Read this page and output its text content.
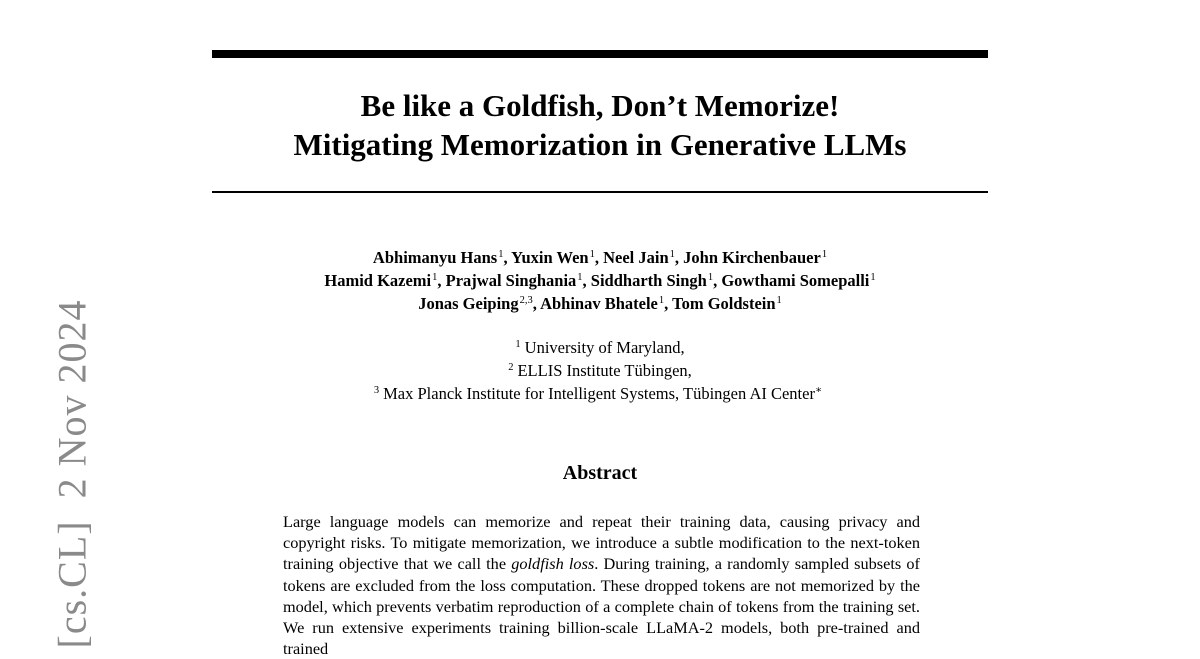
Be like a Goldfish, Don’t Memorize!
Mitigating Memorization in Generative LLMs
Abhimanyu Hans$^1$, Yuxin Wen$^1$, Neel Jain$^1$, John Kirchenbauer$^1$
Hamid Kazemi$^1$, Prajwal Singhania$^1$, Siddharth Singh$^1$, Gowthami Somepalli$^1$
Jonas Geiping$^{2,3}$, Abhinav Bhatele$^1$, Tom Goldstein$^1$
$^1$ University of Maryland,
$^2$ ELLIS Institute Tübingen,
$^3$ Max Planck Institute for Intelligent Systems, Tübingen AI Center∗
Abstract

Large language models can memorize and repeat their training data, causing privacy and copyright risks. To mitigate memorization, we introduce a subtle modification to the next-token training objective that we call the goldfish loss. During training, a randomly sampled subsets of tokens are excluded from the loss computation. These dropped tokens are not memorized by the model, which prevents verbatim reproduction of a complete chain of tokens from the training set. We run extensive experiments training billion-scale LLaMA-2 models, both pre-trained and trained

[cs.CL]2 Nov 2024
